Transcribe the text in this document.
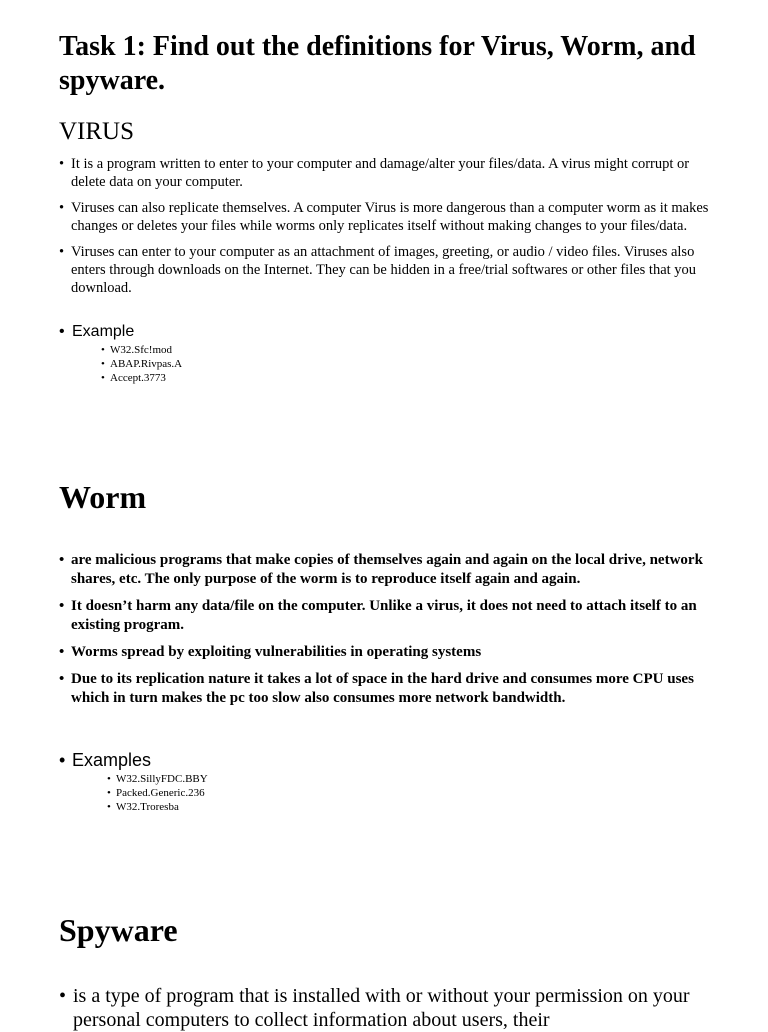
Task 1: Find out the definitions for Virus, Worm, and spyware.
VIRUS
• It is a program written to enter to your computer and damage/alter your files/data. A virus might corrupt or delete data on your computer.
• Viruses can also replicate themselves. A computer Virus is more dangerous than a computer worm as it makes changes or deletes your files while worms only replicates itself without making changes to your files/data.
• Viruses can enter to your computer as an attachment of images, greeting, or audio / video files. Viruses also enters through downloads on the Internet. They can be hidden in a free/trial softwares or other files that you download.
• Example
• W32.Sfc!mod
• ABAP.Rivpas.A
• Accept.3773
Worm
• are malicious programs that make copies of themselves again and again on the local drive, network shares, etc. The only purpose of the worm is to reproduce itself again and again.
• It doesn’t harm any data/file on the computer. Unlike a virus, it does not need to attach itself to an existing program.
• Worms spread by exploiting vulnerabilities in operating systems
• Due to its replication nature it takes a lot of space in the hard drive and consumes more CPU uses which in turn makes the pc too slow also consumes more network bandwidth.
• Examples
• W32.SillyFDC.BBY
• Packed.Generic.236
• W32.Troresba
Spyware
• is a type of program that is installed with or without your permission on your personal computers to collect information about users, their
